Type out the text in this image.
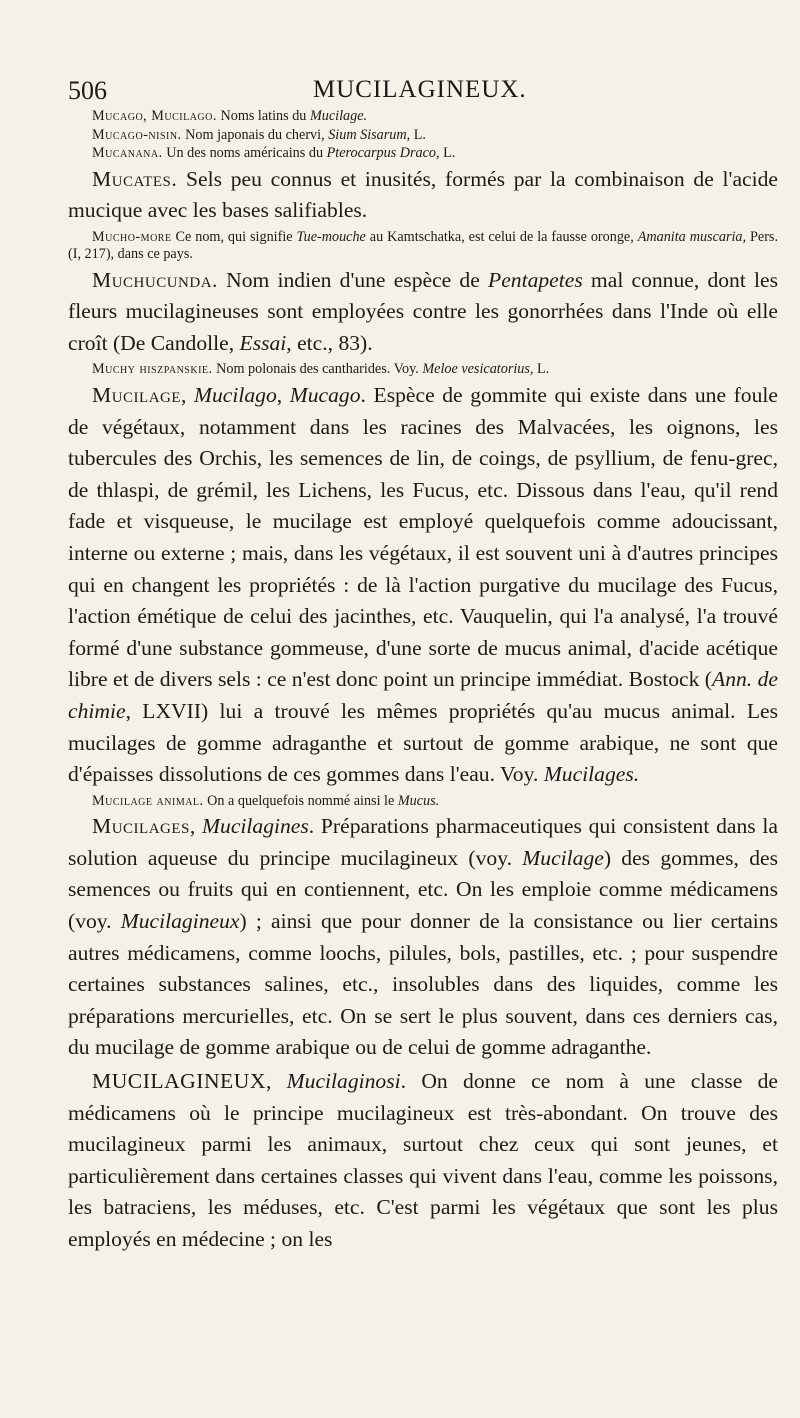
506	MUCILAGINEUX.

Mucago, Mucilago. Noms latins du Mucilage.

Mucago-nisin. Nom japonais du chervi, Sium Sisarum, L.

Mucanana. Un des noms américains du Pterocarpus Draco, L.

Mucates. Sels peu connus et inusités, formés par la combinaison de l'acide mucique avec les bases salifiables.

Mucho-more Ce nom, qui signifie Tue-mouche au Kamtschatka, est celui de la fausse oronge, Amanita muscaria, Pers. (I, 217), dans ce pays.

Muchucunda. Nom indien d'une espèce de Pentapetes mal connue, dont les fleurs mucilagineuses sont employées contre les gonorrhées dans l'Inde où elle croît (De Candolle, Essai, etc., 83).

Muchy hiszpanskie. Nom polonais des cantharides. Voy. Meloe vesicatorius, L.

Mucilage, Mucilago, Mucago. Espèce de gommite qui existe dans une foule de végétaux, notamment dans les racines des Malvacées, les oignons, les tubercules des Orchis, les semences de lin, de coings, de psyllium, de fenu-grec, de thlaspi, de grémil, les Lichens, les Fucus, etc. Dissous dans l'eau, qu'il rend fade et visqueuse, le mucilage est employé quelquefois comme adoucissant, interne ou externe ; mais, dans les végétaux, il est souvent uni à d'autres principes qui en changent les propriétés : de là l'action purgative du mucilage des Fucus, l'action émétique de celui des jacinthes, etc. Vauquelin, qui l'a analysé, l'a trouvé formé d'une substance gommeuse, d'une sorte de mucus animal, d'acide acétique libre et de divers sels : ce n'est donc point un principe immédiat. Bostock (Ann. de chimie, LXVII) lui a trouvé les mêmes propriétés qu'au mucus animal. Les mucilages de gomme adraganthe et surtout de gomme arabique, ne sont que d'épaisses dissolutions de ces gommes dans l'eau. Voy. Mucilages.

Mucilage animal. On a quelquefois nommé ainsi le Mucus.

Mucilages, Mucilagines. Préparations pharmaceutiques qui consistent dans la solution aqueuse du principe mucilagineux (voy. Mucilage) des gommes, des semences ou fruits qui en contiennent, etc. On les emploie comme médicamens (voy. Mucilagineux) ; ainsi que pour donner de la consistance ou lier certains autres médicamens, comme loochs, pilules, bols, pastilles, etc. ; pour suspendre certaines substances salines, etc., insolubles dans des liquides, comme les préparations mercurielles, etc. On se sert le plus souvent, dans ces derniers cas, du mucilage de gomme arabique ou de celui de gomme adraganthe.

MUCILAGINEUX, Mucilaginosi. On donne ce nom à une classe de médicamens où le principe mucilagineux est très-abondant. On trouve des mucilagineux parmi les animaux, surtout chez ceux qui sont jeunes, et particulièrement dans certaines classes qui vivent dans l'eau, comme les poissons, les batraciens, les méduses, etc. C'est parmi les végétaux que sont les plus employés en médecine ; on les
